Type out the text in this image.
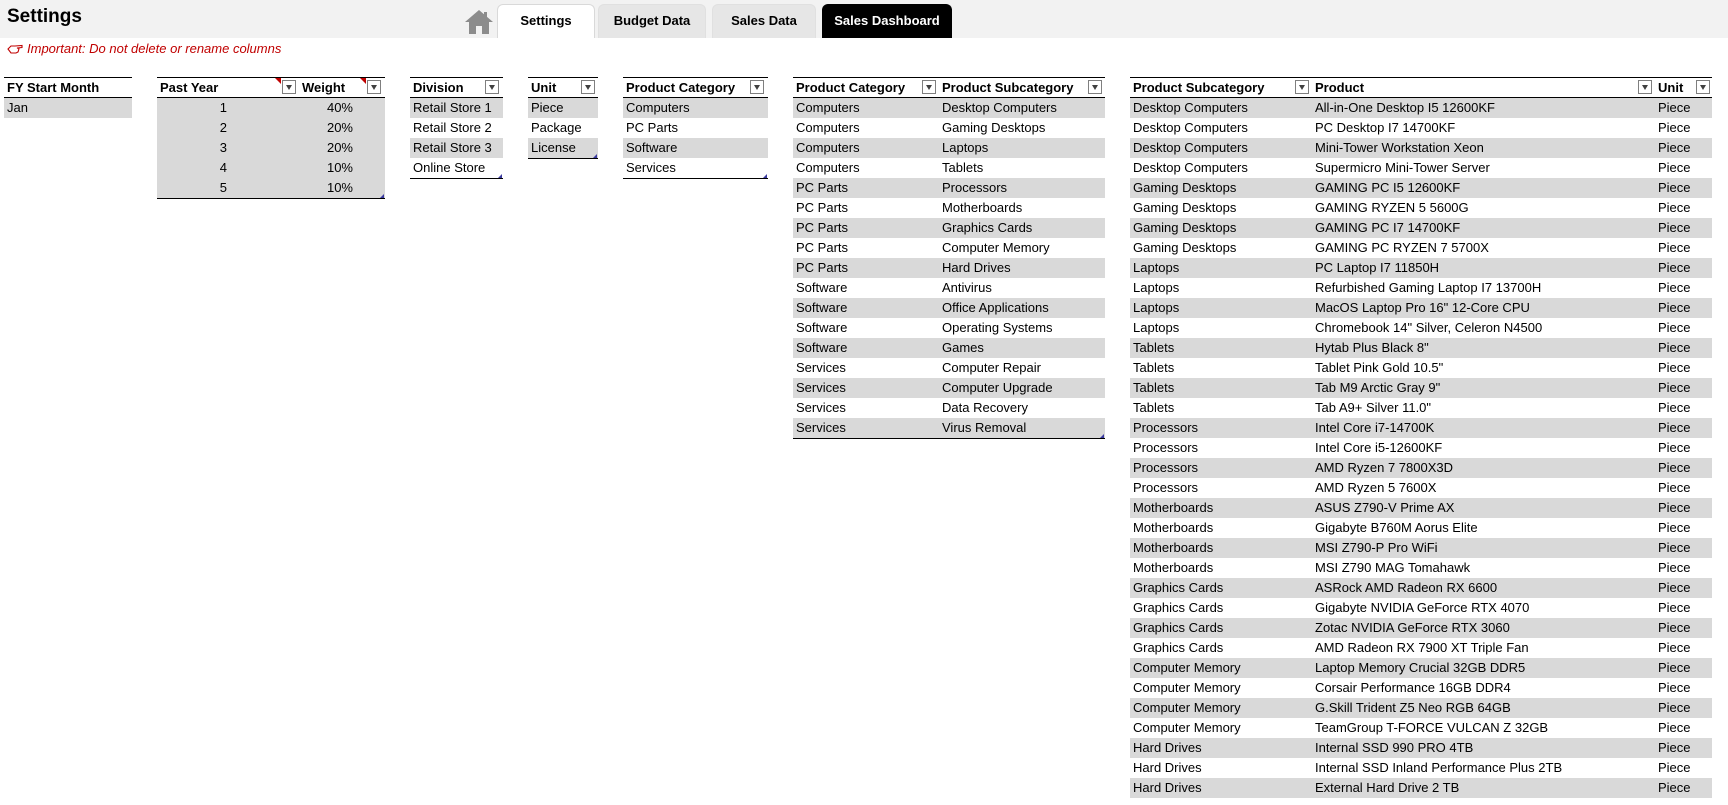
Settings	Settings	Budget Data	Sales Data	Sales Dashboard
Important: Do not delete or rename columns
FY Start Month
Jan
Past Year	Weight
1	40%
2	20%
3	20%
4	10%
5	10%
Division
Retail Store 1
Retail Store 2
Retail Store 3
Online Store
Unit
Piece
Package
License
Product Category
Computers
PC Parts
Software
Services
Product Category	Product Subcategory
Computers	Desktop Computers
Computers	Gaming Desktops
Computers	Laptops
Computers	Tablets
PC Parts	Processors
PC Parts	Motherboards
PC Parts	Graphics Cards
PC Parts	Computer Memory
PC Parts	Hard Drives
Software	Antivirus
Software	Office Applications
Software	Operating Systems
Software	Games
Services	Computer Repair
Services	Computer Upgrade
Services	Data Recovery
Services	Virus Removal
Product Subcategory	Product	Unit
Desktop Computers	All-in-One Desktop I5 12600KF	Piece
Desktop Computers	PC Desktop I7 14700KF	Piece
Desktop Computers	Mini-Tower Workstation Xeon	Piece
Desktop Computers	Supermicro Mini-Tower Server	Piece
Gaming Desktops	GAMING PC I5 12600KF	Piece
Gaming Desktops	GAMING RYZEN 5 5600G	Piece
Gaming Desktops	GAMING PC I7 14700KF	Piece
Gaming Desktops	GAMING PC RYZEN 7 5700X	Piece
Laptops	PC Laptop I7 11850H	Piece
Laptops	Refurbished Gaming Laptop I7 13700H	Piece
Laptops	MacOS Laptop Pro 16" 12-Core CPU	Piece
Laptops	Chromebook 14" Silver, Celeron N4500	Piece
Tablets	Hytab Plus Black 8"	Piece
Tablets	Tablet Pink Gold 10.5"	Piece
Tablets	Tab M9 Arctic Gray 9"	Piece
Tablets	Tab A9+ Silver 11.0"	Piece
Processors	Intel Core i7-14700K	Piece
Processors	Intel Core i5-12600KF	Piece
Processors	AMD Ryzen 7 7800X3D	Piece
Processors	AMD Ryzen 5 7600X	Piece
Motherboards	ASUS Z790-V Prime AX	Piece
Motherboards	Gigabyte B760M Aorus Elite	Piece
Motherboards	MSI Z790-P Pro WiFi	Piece
Motherboards	MSI Z790 MAG Tomahawk	Piece
Graphics Cards	ASRock AMD Radeon RX 6600	Piece
Graphics Cards	Gigabyte NVIDIA GeForce RTX 4070	Piece
Graphics Cards	Zotac NVIDIA GeForce RTX 3060	Piece
Graphics Cards	AMD Radeon RX 7900 XT Triple Fan	Piece
Computer Memory	Laptop Memory Crucial 32GB DDR5	Piece
Computer Memory	Corsair Performance 16GB DDR4	Piece
Computer Memory	G.Skill Trident Z5 Neo RGB 64GB	Piece
Computer Memory	TeamGroup T-FORCE VULCAN Z 32GB	Piece
Hard Drives	Internal SSD 990 PRO 4TB	Piece
Hard Drives	Internal SSD Inland Performance Plus 2TB	Piece
Hard Drives	External Hard Drive 2 TB	Piece
